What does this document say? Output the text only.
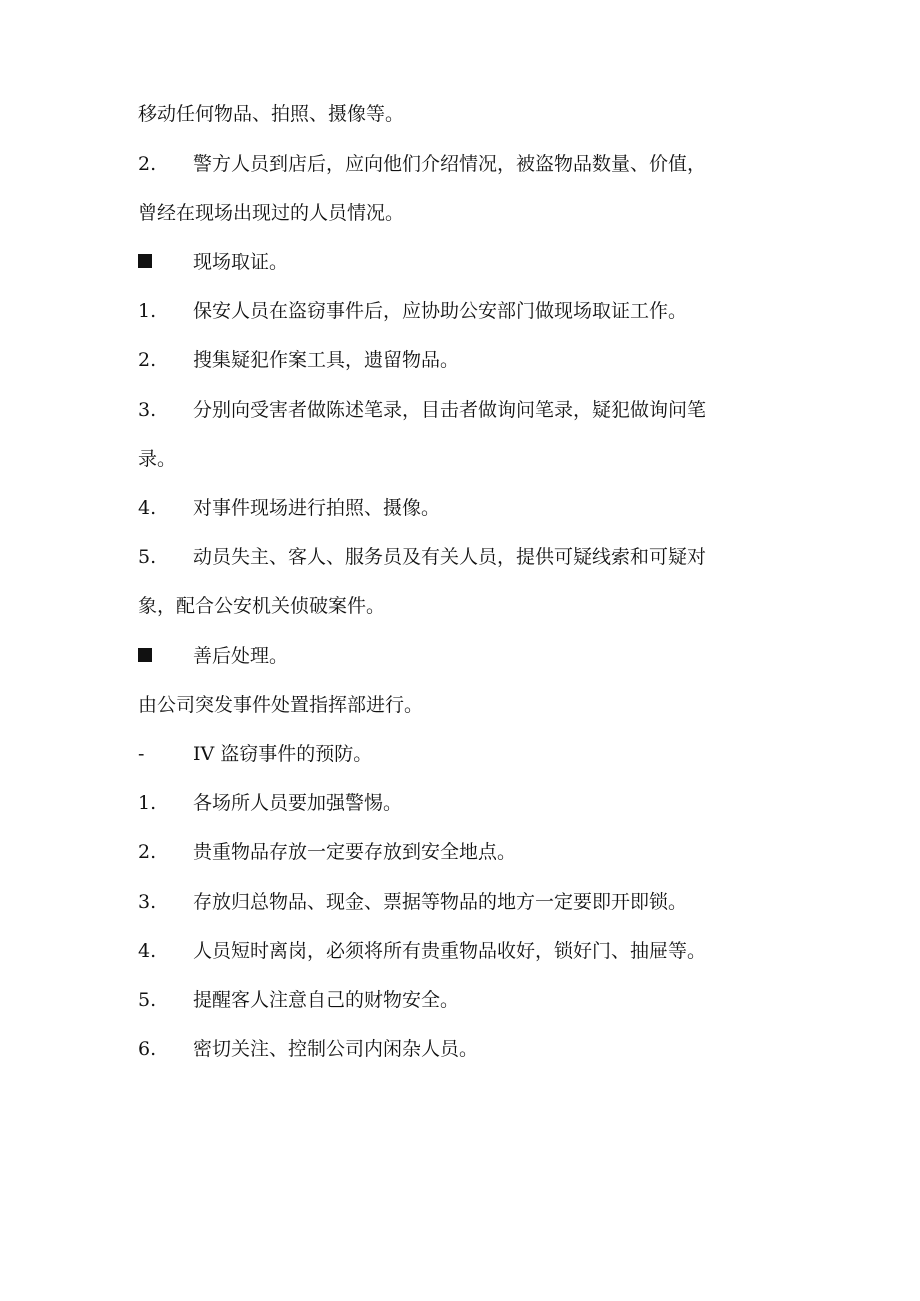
移动任何物品、拍照、摄像等。
2.	警方人员到店后，应向他们介绍情况，被盗物品数量、价值，
曾经在现场出现过的人员情况。
现场取证。
1.	保安人员在盗窃事件后，应协助公安部门做现场取证工作。
2.	搜集疑犯作案工具，遗留物品。
3.	分别向受害者做陈述笔录，目击者做询问笔录，疑犯做询问笔
录。
4.	对事件现场进行拍照、摄像。
5.	动员失主、客人、服务员及有关人员，提供可疑线索和可疑对
象，配合公安机关侦破案件。
善后处理。
由公司突发事件处置指挥部进行。
-	IV 盗窃事件的预防。
1.	各场所人员要加强警惕。
2.	贵重物品存放一定要存放到安全地点。
3.	存放归总物品、现金、票据等物品的地方一定要即开即锁。
4.	人员短时离岗，必须将所有贵重物品收好，锁好门、抽屉等。
5.	提醒客人注意自己的财物安全。
6.	密切关注、控制公司内闲杂人员。
